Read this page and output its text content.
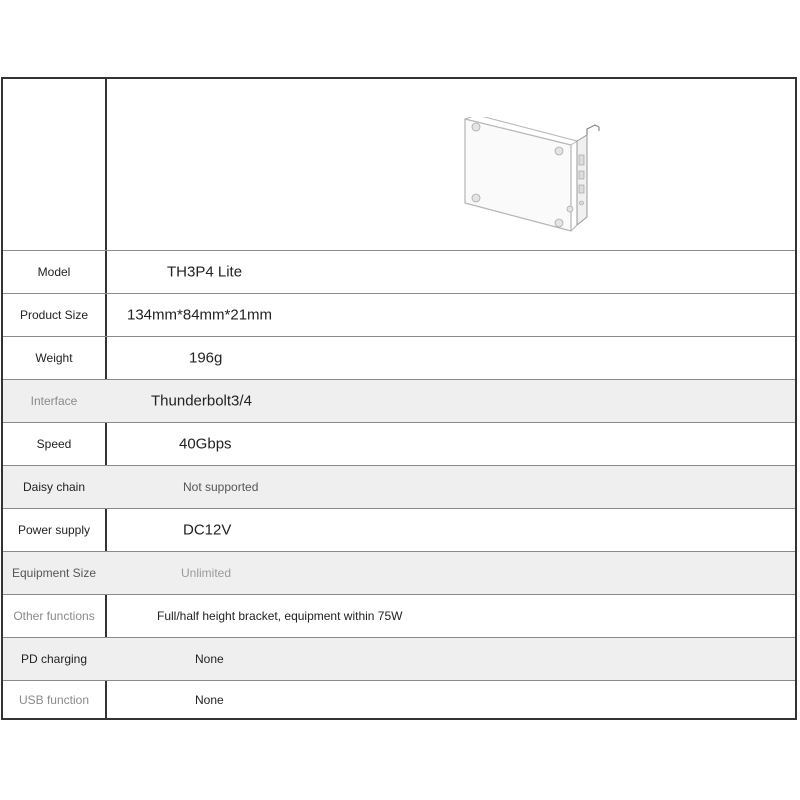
Model	TH3P4 Lite
Product Size	134mm*84mm*21mm
Weight	196g
Interface	Thunderbolt3/4
Speed	40Gbps
Daisy chain	Not supported
Power supply	DC12V
Equipment Size	Unlimited
Other functions	Full/half height bracket, equipment within 75W
PD charging	None
USB function	None
